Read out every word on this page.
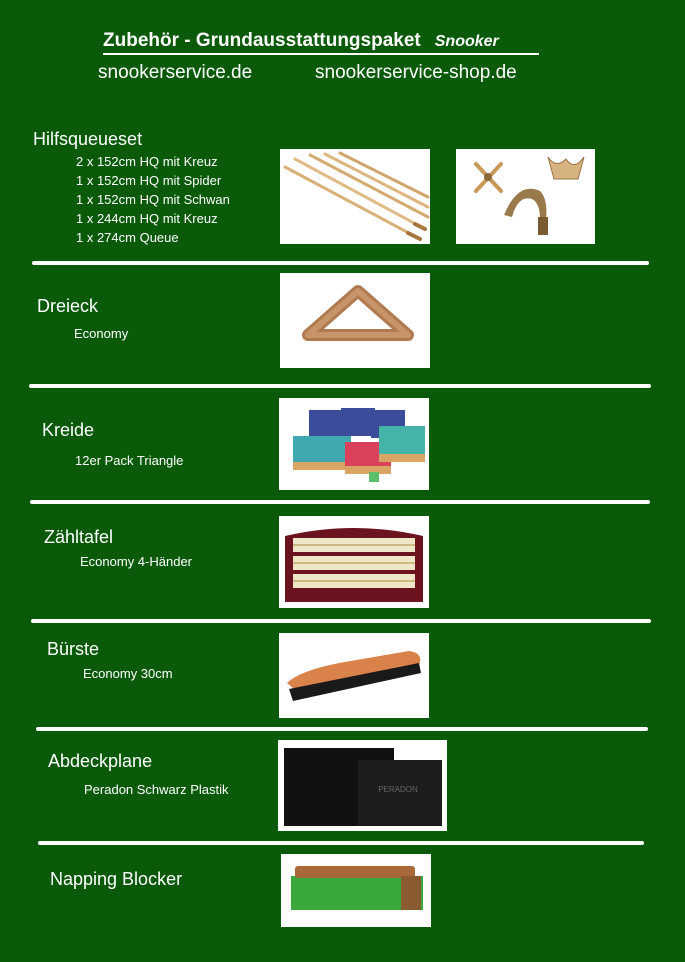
Zubehör - Grundausstattungspaket Snooker
snookerservice.de	snookerservice-shop.de
Hilfsqueueset
2 x 152cm HQ mit Kreuz
1 x 152cm HQ mit Spider
1 x 152cm HQ mit Schwan
1 x 244cm HQ mit Kreuz
1 x 274cm Queue
Dreieck
Economy
Kreide
12er Pack Triangle
Zähltafel
Economy 4-Händer
Bürste
Economy 30cm
Abdeckplane
Peradon Schwarz Plastik	PERADON
Napping Blocker
